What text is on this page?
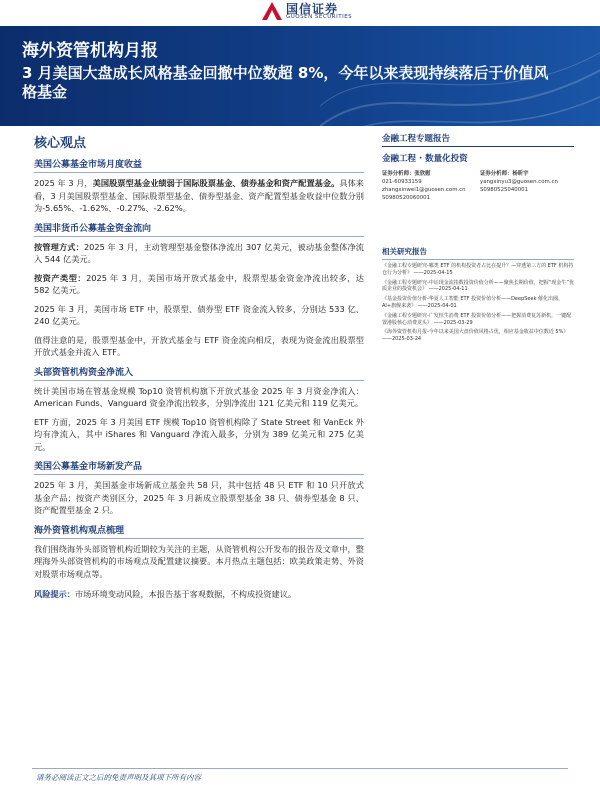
国信证券
GUOSEN SECURITIES
海外资管机构月报
3 月美国大盘成长风格基金回撤中位数超 8%，今年以来表现持续落后于价值风格基金
核心观点
美国公募基金市场月度收益

2025 年 3 月，美国股票型基金业绩弱于国际股票基金、债券基金和资产配置基金。具体来看，3 月美国股票型基金、国际股票型基金、债券型基金、资产配置型基金收益中位数分别为-5.65%、-1.62%、-0.27%、-2.62%。

美国非货币公募基金资金流向

按管理方式：2025 年 3 月，主动管理型基金整体净流出 307 亿美元，被动基金整体净流入 544 亿美元。

按资产类型：2025 年 3 月，美国市场开放式基金中，股票型基金资金净流出较多，达 582 亿美元。

2025 年 3 月，美国市场 ETF 中，股票型、债券型 ETF 资金流入较多，分别达 533 亿、240 亿美元。

值得注意的是，股票型基金中，开放式基金与 ETF 资金流向相反，表现为资金流出股票型开放式基金并流入 ETF。

头部资管机构资金净流入

统计美国市场在管基金规模 Top10 资管机构旗下开放式基金 2025 年 3 月资金净流入：American Funds、Vanguard 资金净流出较多，分别净流出 121 亿美元和 119 亿美元。

ETF 方面，2025 年 3 月美国 ETF 规模 Top10 资管机构除了 State Street 和 VanEck 外均有净流入，其中 iShares 和 Vanguard 净流入最多，分别为 389 亿美元和 275 亿美元。

美国公募基金市场新发产品

2025 年 3 月，美国基金市场新成立基金共 58 只，其中包括 48 只 ETF 和 10 只开放式基金产品；按资产类别区分，2025 年 3 月新成立股票型基金 38 只、债券型基金 8 只、资产配置型基金 2 只。

海外资管机构观点梳理

我们围绕海外头部资管机构近期较为关注的主题，从资管机构公开发布的报告及文章中，整理海外头部资管机构的市场观点及配置建议摘要。本月热点主题包括：欧美政策走势、外资对股票市场观点等。

风险提示：市场环境变动风险，本报告基于客观数据，不构成投资建议。
金融工程专题报告
金融工程 · 数量化投资
证券分析师：张欣慰
021-60933159
zhangxinwei1@guosen.com.cn
S0980520060001
证券分析师：杨昕宇
yangxinyu3@guosen.com.cn
S0980525040001
相关研究报告
《金融工程专题研究-哪类 ETF 的机构投资者占比在提升？—穿透第三方的 ETF 机构持仓行为分析》 ——2025-04-15
《金融工程专题研究-中证现金流指数投资价值分析——聚焦长期价值，把握“现金牛”优质企业的投资机会》 ——2025-04-11
《基金投资价值分析-华夏人工智能 ETF 投资价值分析——DeepSeek 催化出圈，AI+旗舰来袭》 ——2025-04-01
《金融工程专题研究-广发恒生消费 ETF 投资价值分析——把握消费复苏新机，一键配置港股核心消费龙头》 ——2025-03-29
《海外资管机构月报-今年以来美国大盘价值风格占优，相应基金收益中位数近 5%》 ——2025-03-24
请务必阅读正文之后的免责声明及其项下所有内容
